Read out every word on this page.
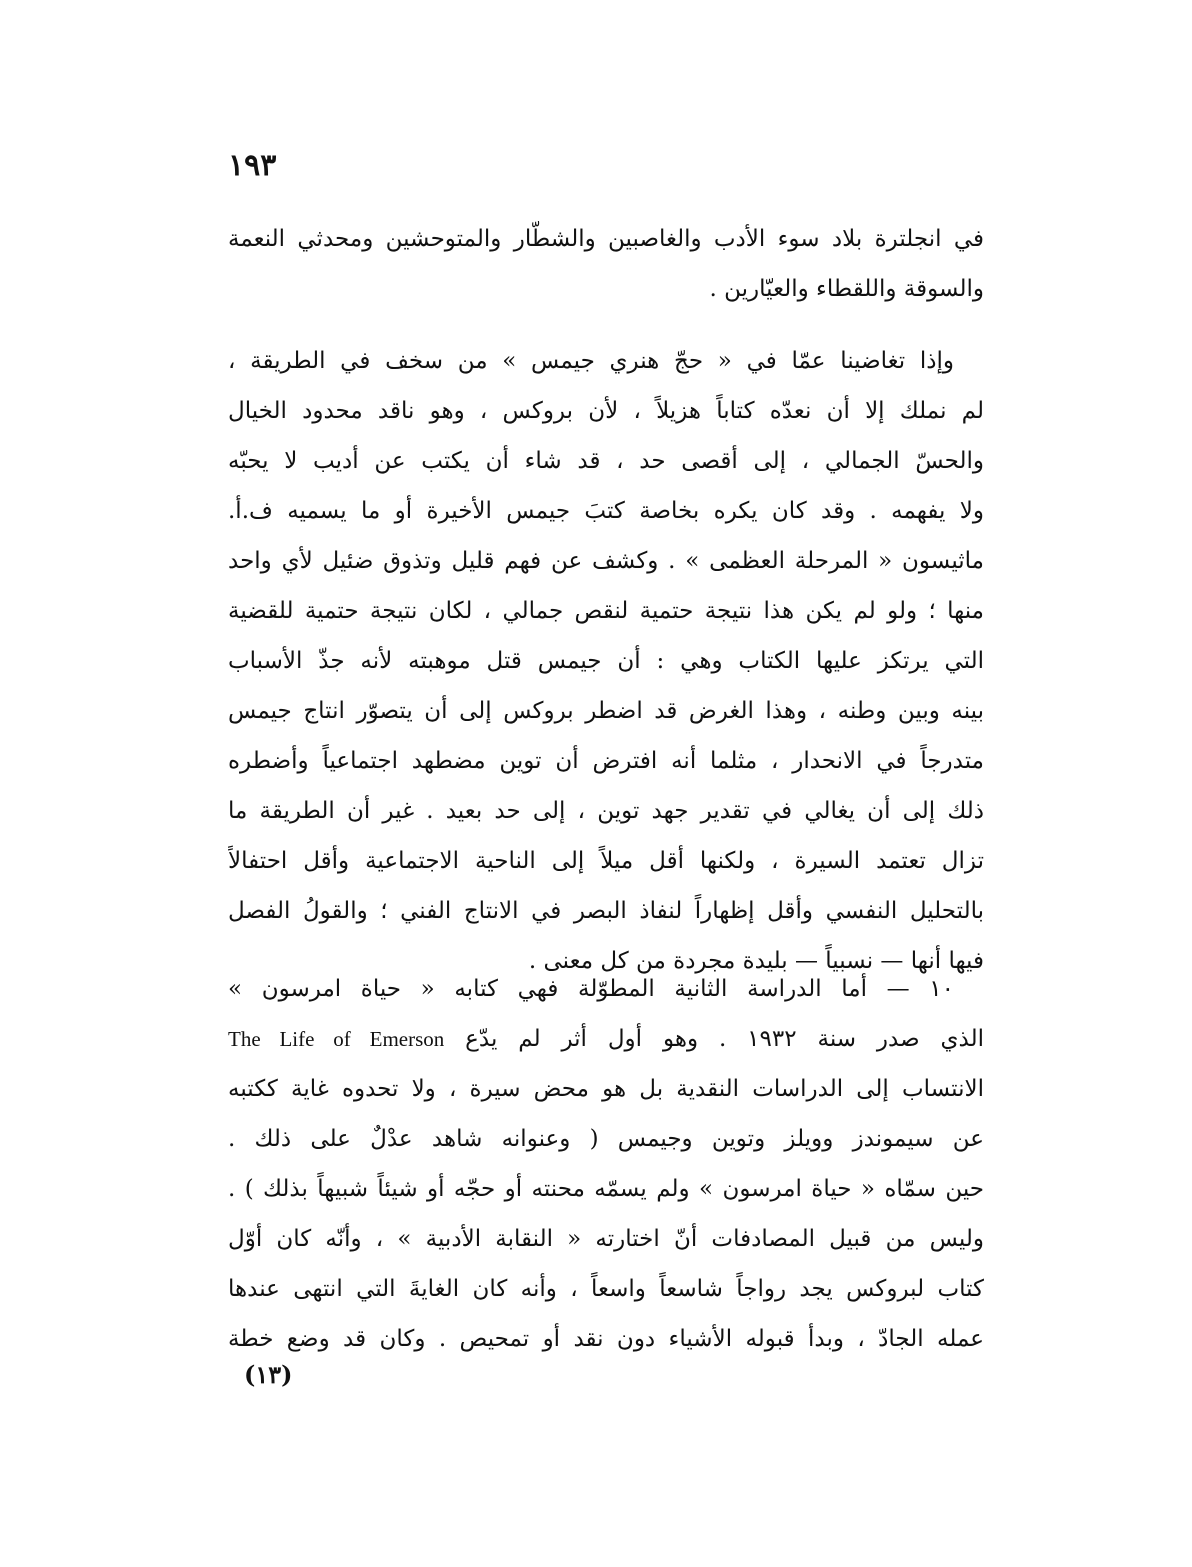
١٩٣
في انجلترة بلاد سوء الأدب والغاصبين والشطّار والمتوحشين ومحدثي النعمة
والسوقة واللقطاء والعيّارين .
وإذا تغاضينا عمّا في « حجّ هنري جيمس » من سخف في الطريقة ،
لم نملك إلا أن نعدّه كتاباً هزيلاً ، لأن بروكس ، وهو ناقد محدود الخيال
والحسّ الجمالي ، إلى أقصى حد ، قد شاء أن يكتب عن أديب لا يحبّه
ولا يفهمه . وقد كان يكره بخاصة كتبَ جيمس الأخيرة أو ما يسميه ف.أ.
ماثيسون « المرحلة العظمى » . وكشف عن فهم قليل وتذوق ضئيل لأي واحد
منها ؛ ولو لم يكن هذا نتيجة حتمية لنقص جمالي ، لكان نتيجة حتمية للقضية
التي يرتكز عليها الكتاب وهي : أن جيمس قتل موهبته لأنه جذّ الأسباب
بينه وبين وطنه ، وهذا الغرض قد اضطر بروكس إلى أن يتصوّر انتاج جيمس
متدرجاً في الانحدار ، مثلما أنه افترض أن توين مضطهد اجتماعياً وأضطره
ذلك إلى أن يغالي في تقدير جهد توين ، إلى حد بعيد . غير أن الطريقة ما
تزال تعتمد السيرة ، ولكنها أقل ميلاً إلى الناحية الاجتماعية وأقل احتفالاً
بالتحليل النفسي وأقل إظهاراً لنفاذ البصر في الانتاج الفني ؛ والقولُ الفصل
فيها أنها — نسبياً — بليدة مجردة من كل معنى .
١٠ — أما الدراسة الثانية المطوّلة فهي كتابه « حياة امرسون »
الذي صدر سنة ١٩٣٢ . وهو أول أثر لم يدّع The Life of Emerson
الانتساب إلى الدراسات النقدية بل هو محض سيرة ، ولا تحدوه غاية ككتبه
عن سيموندز وويلز وتوين وجيمس ( وعنوانه شاهد عدْلٌ على ذلك .
حين سمّاه « حياة امرسون » ولم يسمّه محنته أو حجّه أو شيئاً شبيهاً بذلك ) .
وليس من قبيل المصادفات أنّ اختارته « النقابة الأدبية » ، وأنّه كان أوّل
كتاب لبروكس يجد رواجاً شاسعاً واسعاً ، وأنه كان الغايةَ التي انتهى عندها
عمله الجادّ ، وبدأ قبوله الأشياء دون نقد أو تمحيص . وكان قد وضع خطة
(١٣)
